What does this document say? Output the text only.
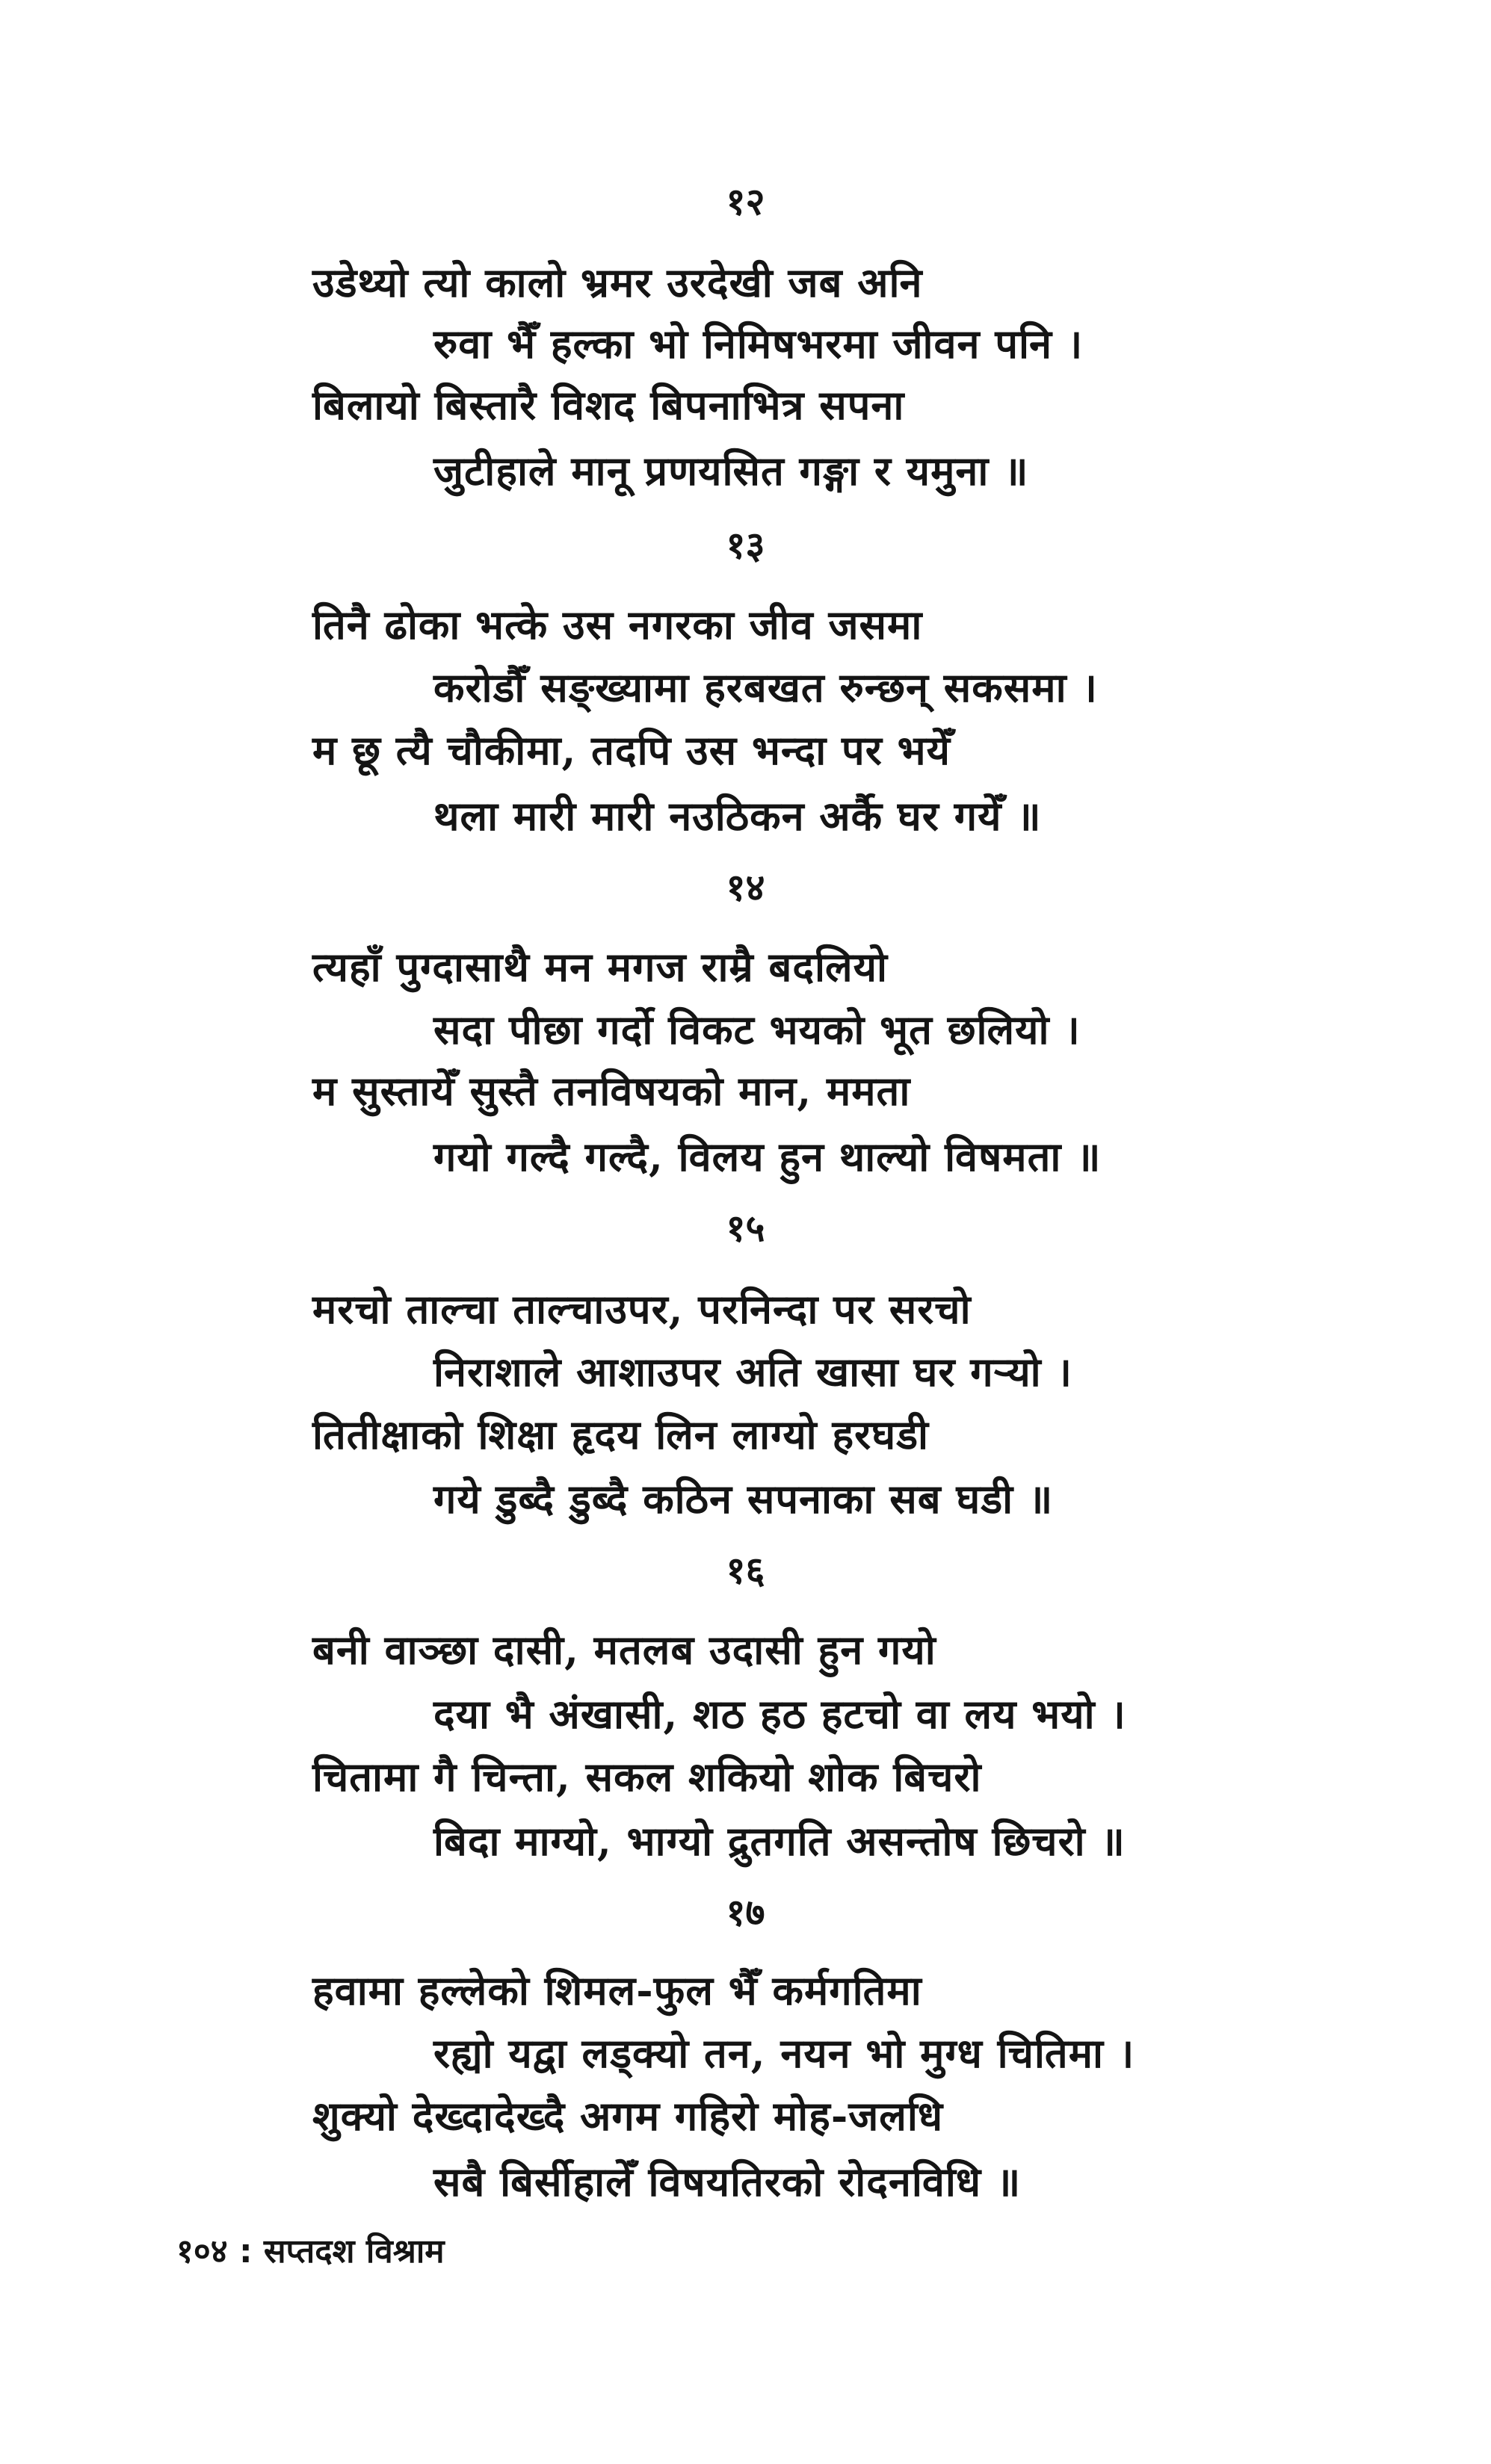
१२
उडेथ्यो त्यो कालो भ्रमर उरदेखी जब अनि
रुवा भैँ हल्का भो निमिषभरमा जीवन पनि ।
बिलायो बिस्तारै विशद बिपनाभित्र सपना
जुटीहाले मानू प्रणयसित गङ्गा र यमुना ॥
१३
तिनै ढोका भत्के उस नगरका जीव जसमा
करोडौँ सङ्ख्यामा हरबखत रुन्छन् सकसमा ।
म छू त्यै चौकीमा, तदपि उस भन्दा पर भयेँ
थला मारी मारी नउठिकन अर्कै घर गयेँ ॥
१४
त्यहाँ पुग्दासाथै मन मगज राम्रै बदलियो
सदा पीछा गर्दो विकट भयको भूत छलियो ।
म सुस्तायेँ सुस्तै तनविषयको मान, ममता
गयो गल्दै गल्दै, विलय हुन थाल्यो विषमता ॥
१५
मरचो ताल्चा ताल्चाउपर, परनिन्दा पर सरचो
निराशाले आशाउपर अति खासा घर गऱ्यो ।
तितीक्षाको शिक्षा हृदय लिन लाग्यो हरघडी
गये डुब्दै डुब्दै कठिन सपनाका सब घडी ॥
१६
बनी वाञ्छा दासी, मतलब उदासी हुन गयो
दया भै अंखासी, शठ हठ हटचो वा लय भयो ।
चितामा गै चिन्ता, सकल शकियो शोक बिचरो
बिदा माग्यो, भाग्यो द्रुतगति असन्तोष छिचरो ॥
१७
हवामा हल्लेको शिमल-फुल भैँ कर्मगतिमा
रह्यो यद्वा लड्क्यो तन, नयन भो मुग्ध चितिमा ।
शुक्यो देख्दादेख्दै अगम गहिरो मोह-जलधि
सबै बिर्सीहालेँ विषयतिरको रोदनविधि ॥
१०४ : सप्तदश विश्राम
